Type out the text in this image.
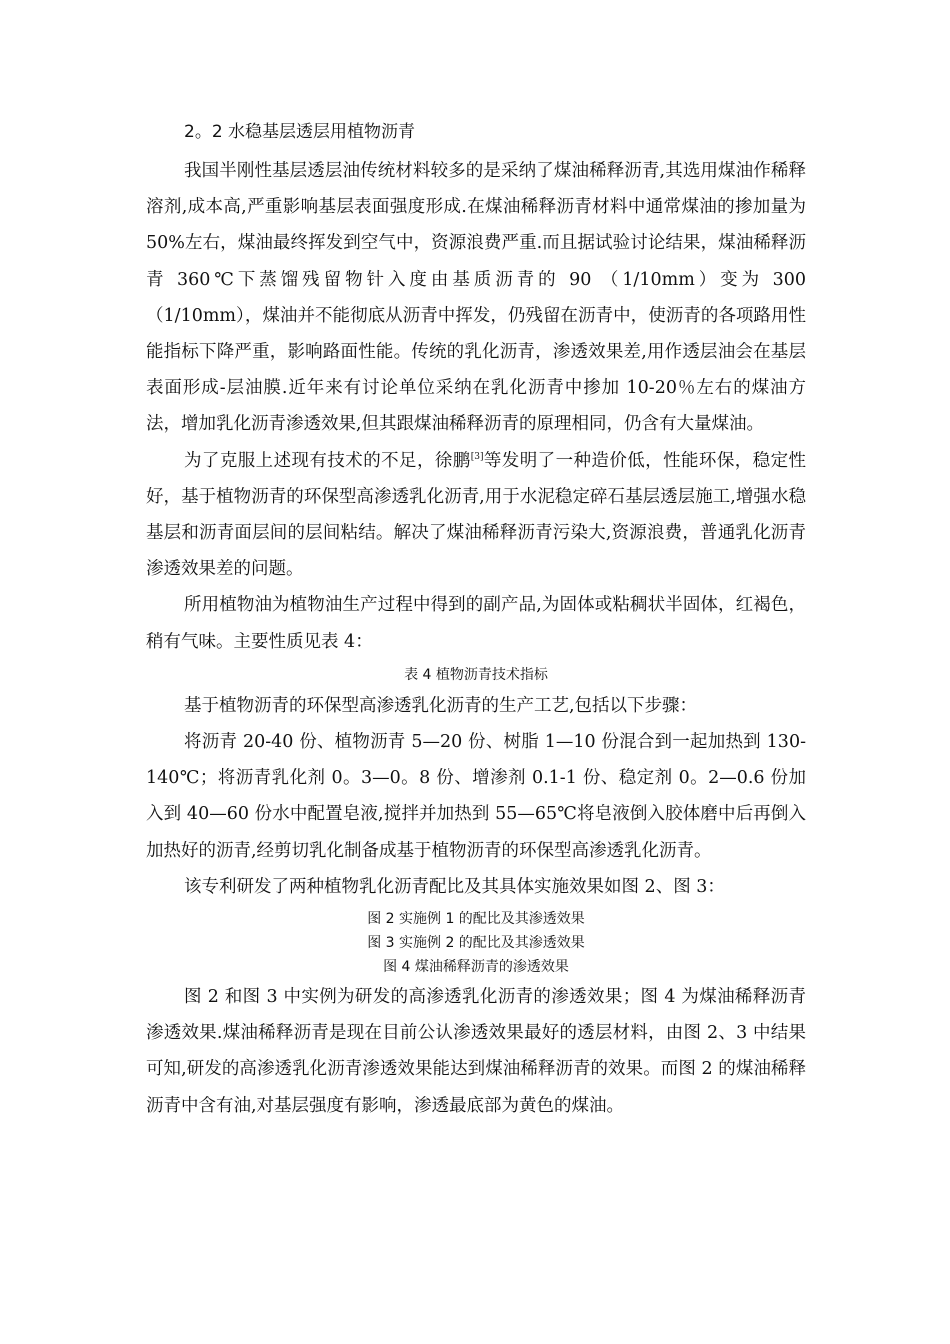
2。2 水稳基层透层用植物沥青

我国半刚性基层透层油传统材料较多的是采纳了煤油稀释沥青,其选用煤油作稀释溶剂,成本高,严重影响基层表面强度形成.在煤油稀释沥青材料中通常煤油的掺加量为50%左右，煤油最终挥发到空气中，资源浪费严重.而且据试验讨论结果，煤油稀释沥青 360℃下蒸馏残留物针入度由基质沥青的 90 （1/10mm）变为 300（1/10mm），煤油并不能彻底从沥青中挥发，仍残留在沥青中，使沥青的各项路用性能指标下降严重，影响路面性能。传统的乳化沥青，渗透效果差,用作透层油会在基层表面形成-层油膜.近年来有讨论单位采纳在乳化沥青中掺加 10-20％左右的煤油方法，增加乳化沥青渗透效果,但其跟煤油稀释沥青的原理相同，仍含有大量煤油。

为了克服上述现有技术的不足，徐鹏[3]等发明了一种造价低，性能环保，稳定性好，基于植物沥青的环保型高渗透乳化沥青,用于水泥稳定碎石基层透层施工,增强水稳基层和沥青面层间的层间粘结。解决了煤油稀释沥青污染大,资源浪费，普通乳化沥青渗透效果差的问题。

所用植物油为植物油生产过程中得到的副产品,为固体或粘稠状半固体，红褐色，稍有气味。主要性质见表 4：

表 4 植物沥青技术指标

基于植物沥青的环保型高渗透乳化沥青的生产工艺,包括以下步骤：

将沥青 20-40 份、植物沥青 5—20 份、树脂 1—10 份混合到一起加热到 130-140℃；将沥青乳化剂 0。3—0。8 份、增渗剂 0.1-1 份、稳定剂 0。2—0.6 份加入到 40—60 份水中配置皂液,搅拌并加热到 55—65℃将皂液倒入胶体磨中后再倒入加热好的沥青,经剪切乳化制备成基于植物沥青的环保型高渗透乳化沥青。

该专利研发了两种植物乳化沥青配比及其具体实施效果如图 2、图 3：

图 2 实施例 1 的配比及其渗透效果
图 3 实施例 2 的配比及其渗透效果
图 4 煤油稀释沥青的渗透效果

图 2 和图 3 中实例为研发的高渗透乳化沥青的渗透效果；图 4 为煤油稀释沥青渗透效果.煤油稀释沥青是现在目前公认渗透效果最好的透层材料，由图 2、3 中结果可知,研发的高渗透乳化沥青渗透效果能达到煤油稀释沥青的效果。而图 2 的煤油稀释沥青中含有油,对基层强度有影响，渗透最底部为黄色的煤油。
